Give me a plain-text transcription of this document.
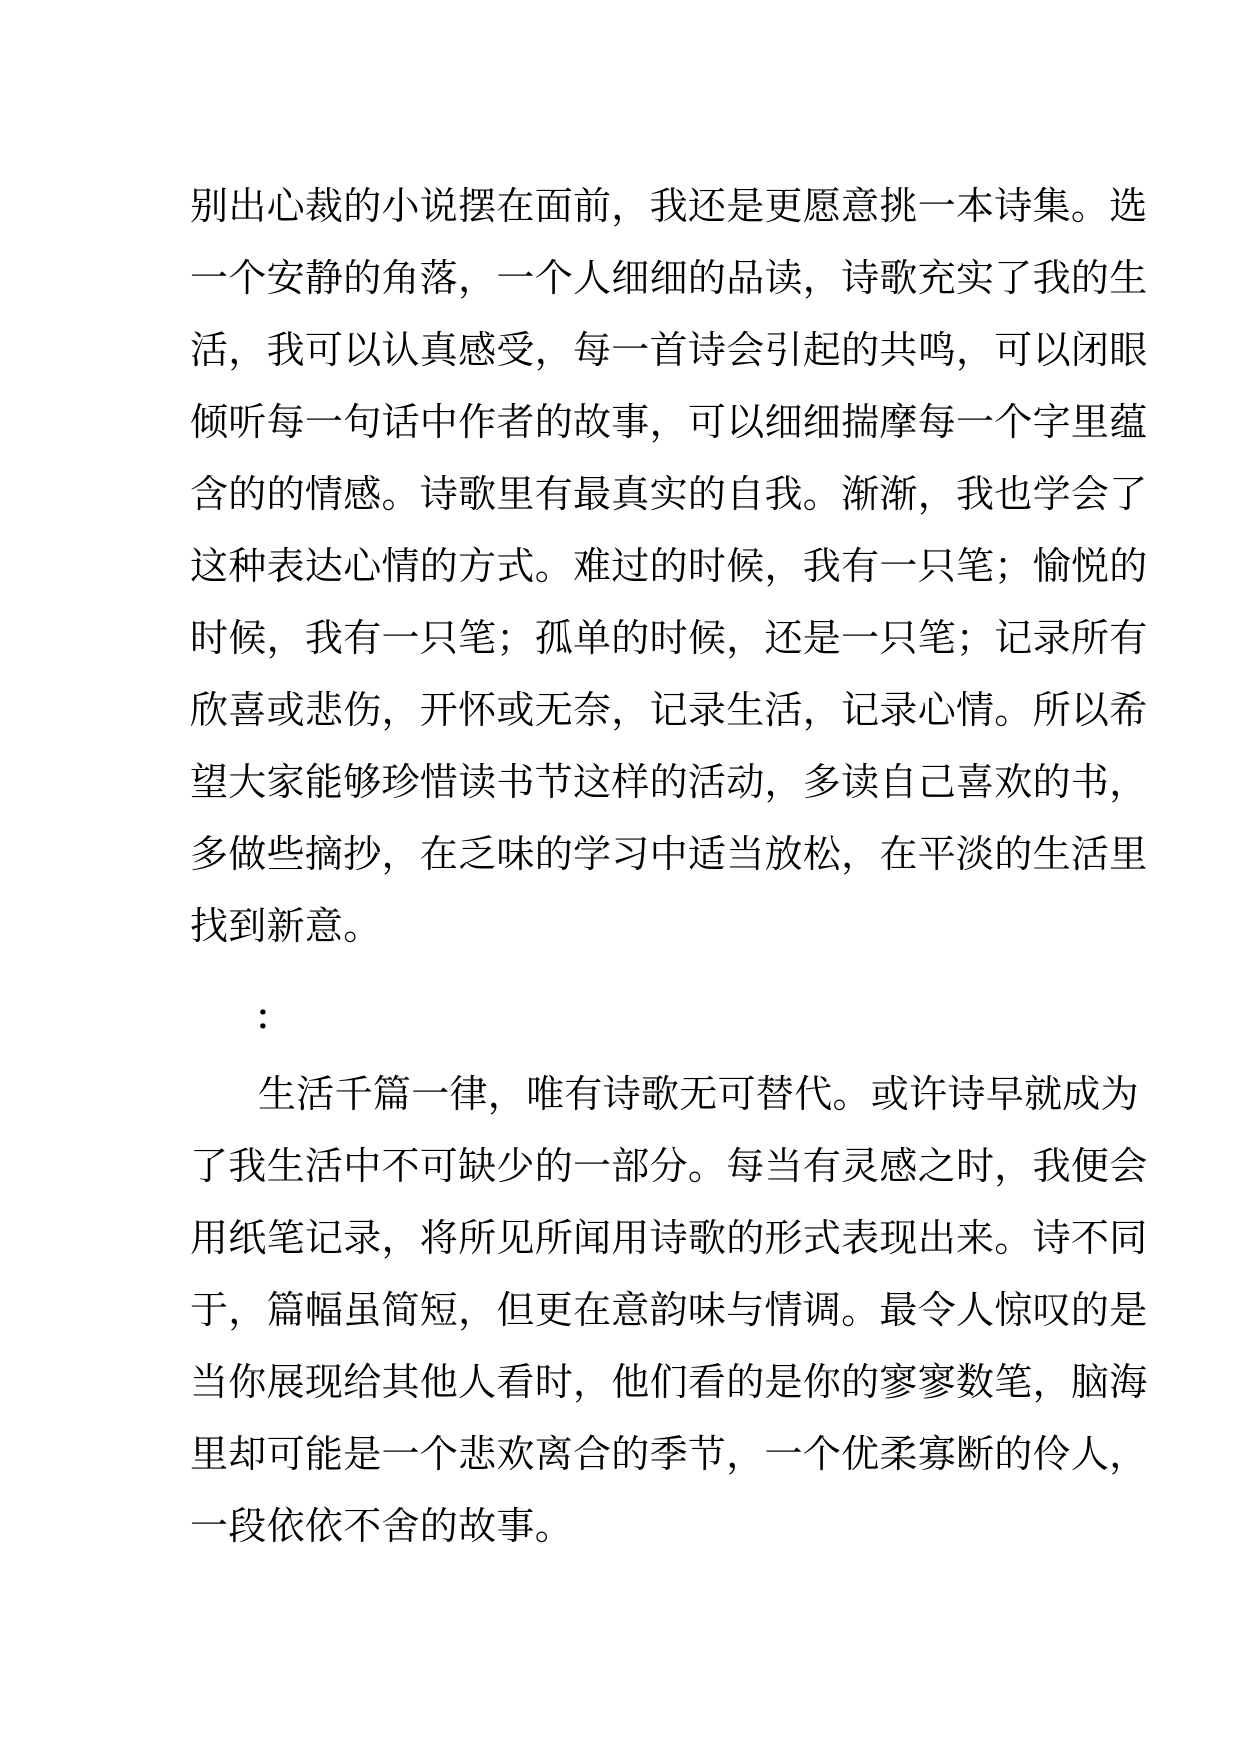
别出心裁的小说摆在面前，我还是更愿意挑一本诗集。选
一个安静的角落，一个人细细的品读，诗歌充实了我的生
活，我可以认真感受，每一首诗会引起的共鸣，可以闭眼
倾听每一句话中作者的故事，可以细细揣摩每一个字里蕴
含的的情感。诗歌里有最真实的自我。渐渐，我也学会了
这种表达心情的方式。难过的时候，我有一只笔；愉悦的
时候，我有一只笔；孤单的时候，还是一只笔；记录所有
欣喜或悲伤，开怀或无奈，记录生活，记录心情。所以希
望大家能够珍惜读书节这样的活动，多读自己喜欢的书，
多做些摘抄，在乏味的学习中适当放松，在平淡的生活里
找到新意。
：
生活千篇一律，唯有诗歌无可替代。或许诗早就成为
了我生活中不可缺少的一部分。每当有灵感之时，我便会
用纸笔记录，将所见所闻用诗歌的形式表现出来。诗不同
于，篇幅虽简短，但更在意韵味与情调。最令人惊叹的是
当你展现给其他人看时，他们看的是你的寥寥数笔，脑海
里却可能是一个悲欢离合的季节，一个优柔寡断的伶人，
一段依依不舍的故事。
